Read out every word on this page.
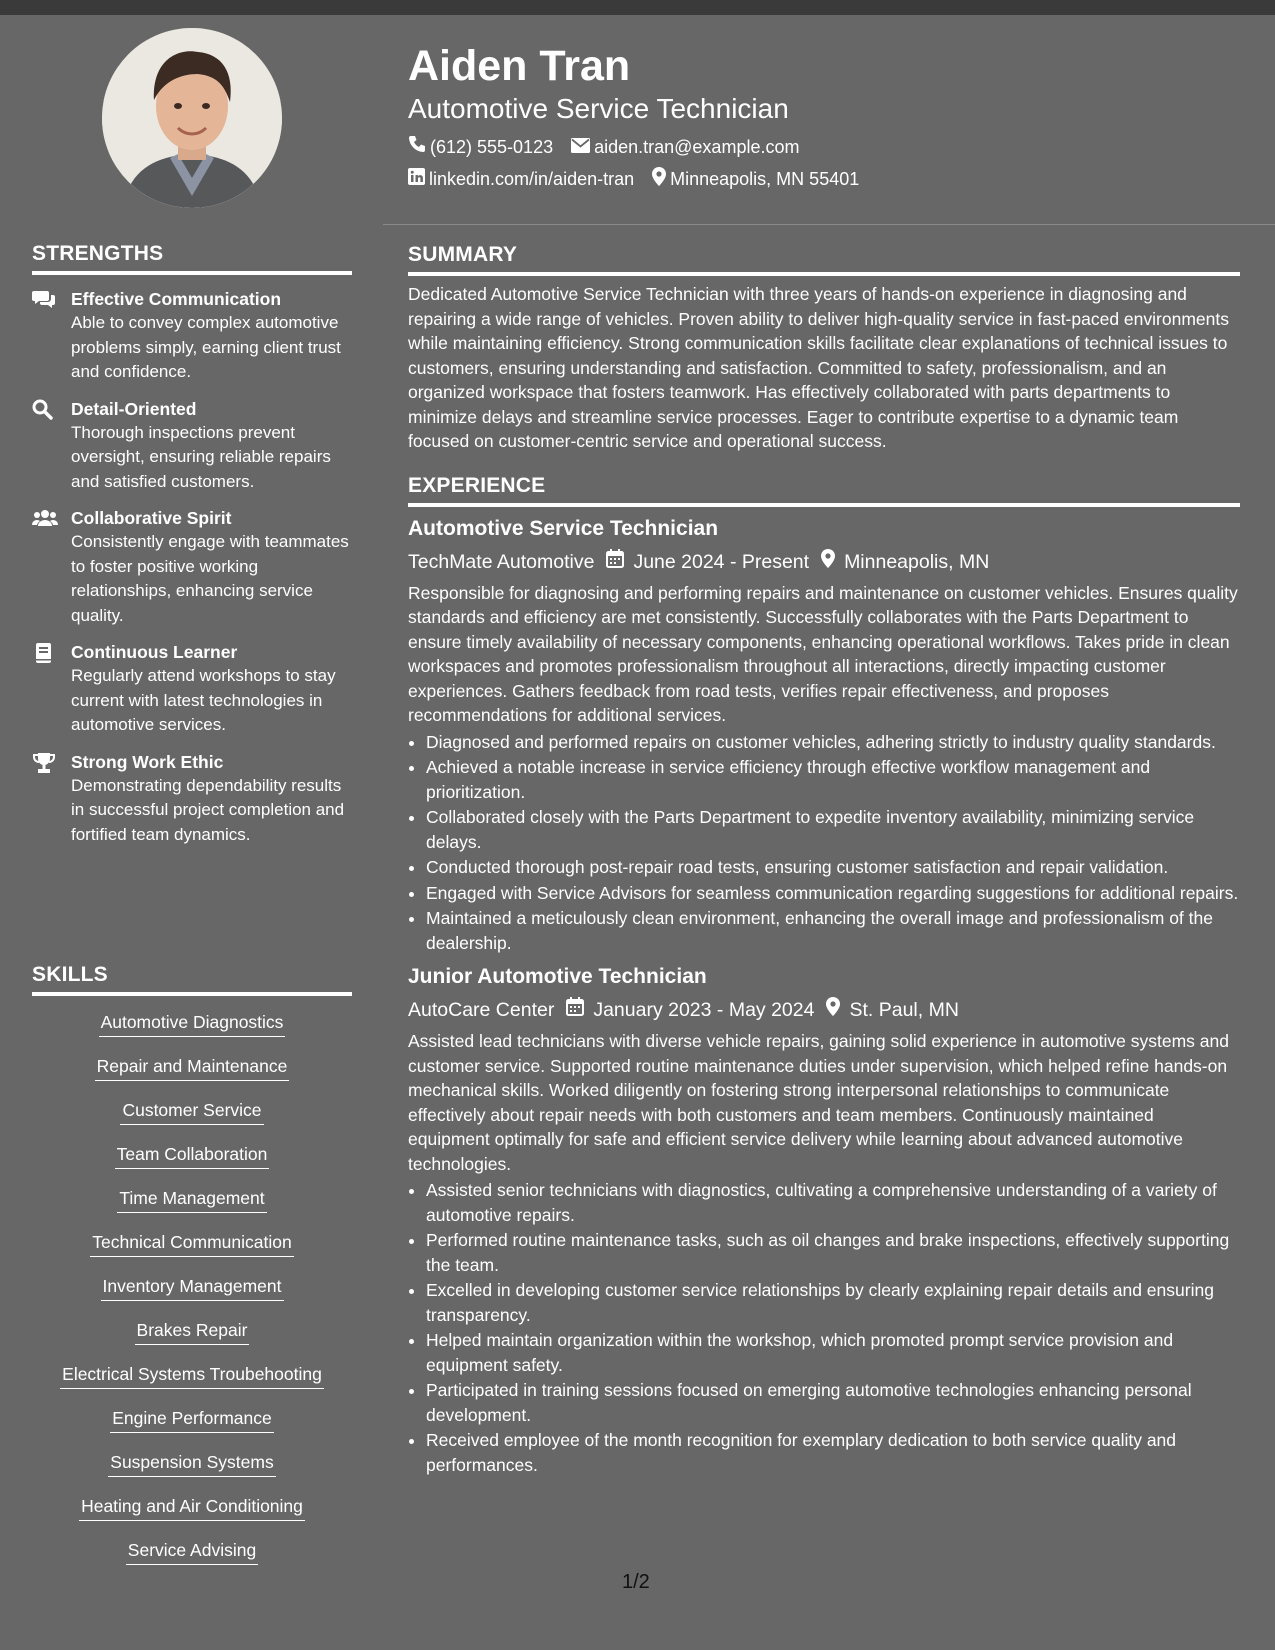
STRENGTHS
Effective Communication
Able to convey complex automotive problems simply, earning client trust and confidence.
Detail-Oriented
Thorough inspections prevent oversight, ensuring reliable repairs and satisfied customers.
Collaborative Spirit
Consistently engage with teammates to foster positive working relationships, enhancing service quality.
Continuous Learner
Regularly attend workshops to stay current with latest technologies in automotive services.
Strong Work Ethic
Demonstrating dependability results in successful project completion and fortified team dynamics.
SKILLS
Automotive Diagnostics
Repair and Maintenance
Customer Service
Team Collaboration
Time Management
Technical Communication
Inventory Management
Brakes Repair
Electrical Systems Troubehooting
Engine Performance
Suspension Systems
Heating and Air Conditioning
Service Advising
Aiden Tran
Automotive Service Technician
(612) 555-0123 aiden.tran@example.com
linkedin.com/in/aiden-tran Minneapolis, MN 55401
SUMMARY

Dedicated Automotive Service Technician with three years of hands-on experience in diagnosing and repairing a wide range of vehicles. Proven ability to deliver high-quality service in fast-paced environments while maintaining efficiency. Strong communication skills facilitate clear explanations of technical issues to customers, ensuring understanding and satisfaction. Committed to safety, professionalism, and an organized workspace that fosters teamwork. Has effectively collaborated with parts departments to minimize delays and streamline service processes. Eager to contribute expertise to a dynamic team focused on customer-centric service and operational success.

EXPERIENCE
Automotive Service Technician
TechMate Automotive June 2024 - Present Minneapolis, MN

Responsible for diagnosing and performing repairs and maintenance on customer vehicles. Ensures quality standards and efficiency are met consistently. Successfully collaborates with the Parts Department to ensure timely availability of necessary components, enhancing operational workflows. Takes pride in clean workspaces and promotes professionalism throughout all interactions, directly impacting customer experiences. Gathers feedback from road tests, verifies repair effectiveness, and proposes recommendations for additional services.

• Diagnosed and performed repairs on customer vehicles, adhering strictly to industry quality standards.
• Achieved a notable increase in service efficiency through effective workflow management and prioritization.
• Collaborated closely with the Parts Department to expedite inventory availability, minimizing service delays.
• Conducted thorough post-repair road tests, ensuring customer satisfaction and repair validation.
• Engaged with Service Advisors for seamless communication regarding suggestions for additional repairs.
• Maintained a meticulously clean environment, enhancing the overall image and professionalism of the dealership.
Junior Automotive Technician
AutoCare Center January 2023 - May 2024 St. Paul, MN

Assisted lead technicians with diverse vehicle repairs, gaining solid experience in automotive systems and customer service. Supported routine maintenance duties under supervision, which helped refine hands-on mechanical skills. Worked diligently on fostering strong interpersonal relationships to communicate effectively about repair needs with both customers and team members. Continuously maintained equipment optimally for safe and efficient service delivery while learning about advanced automotive technologies.

• Assisted senior technicians with diagnostics, cultivating a comprehensive understanding of a variety of automotive repairs.
• Performed routine maintenance tasks, such as oil changes and brake inspections, effectively supporting the team.
• Excelled in developing customer service relationships by clearly explaining repair details and ensuring transparency.
• Helped maintain organization within the workshop, which promoted prompt service provision and equipment safety.
• Participated in training sessions focused on emerging automotive technologies enhancing personal development.
• Received employee of the month recognition for exemplary dedication to both service quality and performances.
1/2
